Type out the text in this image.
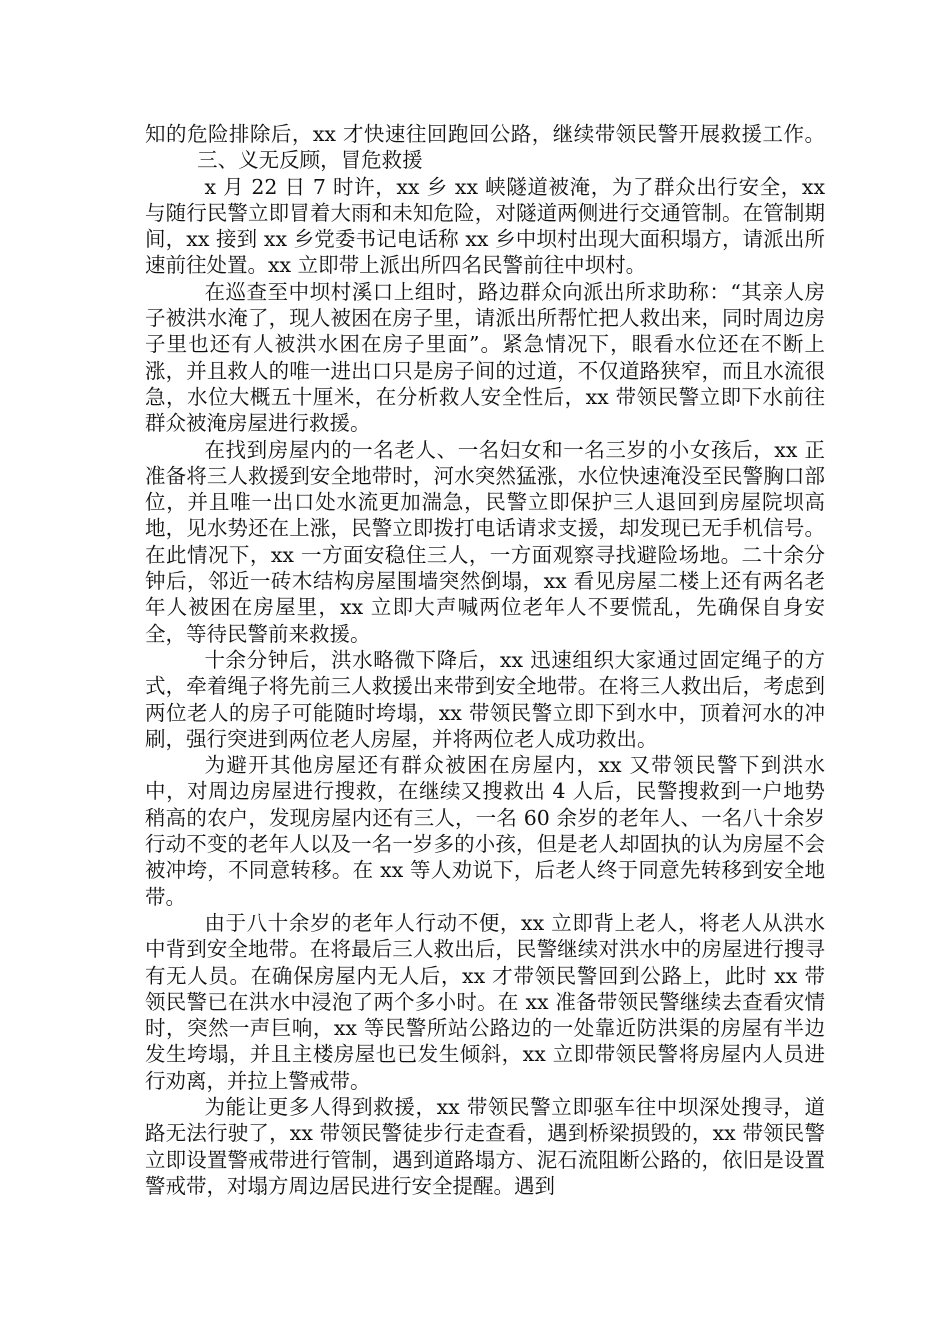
知的危险排除后，xx 才快速往回跑回公路，继续带领民警开展救援工作。        三、义无反顾，冒危救援

x 月 22 日 7 时许，xx 乡 xx 峡隧道被淹，为了群众出行安全，xx 与随行民警立即冒着大雨和未知危险，对隧道两侧进行交通管制。在管制期间，xx 接到 xx 乡党委书记电话称 xx 乡中坝村出现大面积塌方，请派出所速前往处置。xx 立即带上派出所四名民警前往中坝村。

在巡查至中坝村溪口上组时，路边群众向派出所求助称：“其亲人房子被洪水淹了，现人被困在房子里，请派出所帮忙把人救出来，同时周边房子里也还有人被洪水困在房子里面”。紧急情况下，眼看水位还在不断上涨，并且救人的唯一进出口只是房子间的过道，不仅道路狭窄，而且水流很急，水位大概五十厘米，在分析救人安全性后，xx 带领民警立即下水前往群众被淹房屋进行救援。

在找到房屋内的一名老人、一名妇女和一名三岁的小女孩后，xx 正准备将三人救援到安全地带时，河水突然猛涨，水位快速淹没至民警胸口部位，并且唯一出口处水流更加湍急，民警立即保护三人退回到房屋院坝高地，见水势还在上涨，民警立即拨打电话请求支援，却发现已无手机信号。在此情况下，xx 一方面安稳住三人，一方面观察寻找避险场地。二十余分钟后，邻近一砖木结构房屋围墙突然倒塌，xx 看见房屋二楼上还有两名老年人被困在房屋里，xx 立即大声喊两位老年人不要慌乱，先确保自身安全，等待民警前来救援。

十余分钟后，洪水略微下降后，xx 迅速组织大家通过固定绳子的方式，牵着绳子将先前三人救援出来带到安全地带。在将三人救出后，考虑到两位老人的房子可能随时垮塌，xx 带领民警立即下到水中，顶着河水的冲刷，强行突进到两位老人房屋，并将两位老人成功救出。

为避开其他房屋还有群众被困在房屋内，xx 又带领民警下到洪水中，对周边房屋进行搜救，在继续又搜救出 4 人后，民警搜救到一户地势稍高的农户，发现房屋内还有三人，一名 60 余岁的老年人、一名八十余岁行动不变的老年人以及一名一岁多的小孩，但是老人却固执的认为房屋不会被冲垮，不同意转移。在 xx 等人劝说下，后老人终于同意先转移到安全地带。

由于八十余岁的老年人行动不便，xx 立即背上老人，将老人从洪水中背到安全地带。在将最后三人救出后，民警继续对洪水中的房屋进行搜寻有无人员。在确保房屋内无人后，xx 才带领民警回到公路上，此时 xx 带领民警已在洪水中浸泡了两个多小时。在 xx 准备带领民警继续去查看灾情时，突然一声巨响，xx 等民警所站公路边的一处靠近防洪渠的房屋有半边发生垮塌，并且主楼房屋也已发生倾斜，xx 立即带领民警将房屋内人员进行劝离，并拉上警戒带。

为能让更多人得到救援，xx 带领民警立即驱车往中坝深处搜寻，道路无法行驶了，xx 带领民警徒步行走查看，遇到桥梁损毁的，xx 带领民警立即设置警戒带进行管制，遇到道路塌方、泥石流阻断公路的，依旧是设置警戒带，对塌方周边居民进行安全提醒。遇到
